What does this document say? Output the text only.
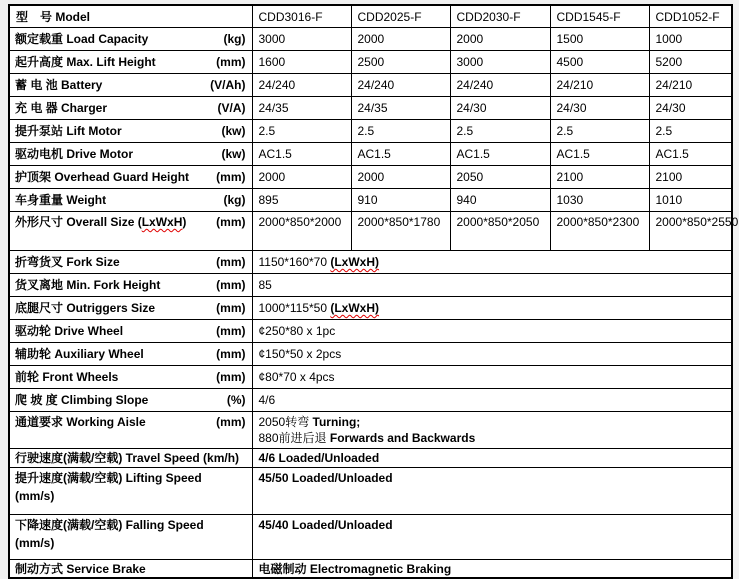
型　号 Model	CDD3016-F	CDD2025-F	CDD2030-F	CDD1545-F	CDD1052-F

额定载重 Load Capacity (kg)	3000	2000	2000	1500	1000

起升高度 Max. Lift Height (mm)	1600	2500	3000	4500	5200

蓄 电 池 Battery (V/Ah)	24/240	24/240	24/240	24/210	24/210

充 电 器 Charger (V/A)	24/35	24/35	24/30	24/30	24/30

提升泵站 Lift Motor (kw)	2.5	2.5	2.5	2.5	2.5

驱动电机 Drive Motor (kw)	AC1.5	AC1.5	AC1.5	AC1.5	AC1.5

护顶架 Overhead Guard Height (mm)	2000	2000	2050	2100	2100

车身重量 Weight (kg)	895	910	940	1030	1010

外形尺寸 Overall Size (LxWxH) (mm)	2000*850*2000	2000*850*1780	2000*850*2050	2000*850*2300	2000*850*2550

折弯货叉 Fork Size (mm)	1150*160*70 (LxWxH)				

货叉离地 Min. Fork Height (mm)	85				

底腿尺寸 Outriggers Size (mm)	1000*115*50 (LxWxH)				

驱动轮 Drive Wheel (mm)	¢250*80 x 1pc				

辅助轮 Auxiliary Wheel (mm)	¢150*50 x 2pcs				

前轮 Front Wheels (mm)	¢80*70 x 4pcs				

爬 坡 度 Climbing Slope (%)	4/6				

通道要求 Working Aisle	(mm)	2050转弯 Turning;
880前进后退 Forwards and Backwards

行驶速度(满载/空载) Travel Speed (km/h)	4/6 Loaded/Unloaded				

提升速度(满载/空载) Lifting Speed
(mm/s)	45/50 Loaded/Unloaded				

下降速度(满载/空载) Falling Speed
(mm/s)	45/40 Loaded/Unloaded				

制动方式 Service Brake	电磁制动 Electromagnetic Braking				
